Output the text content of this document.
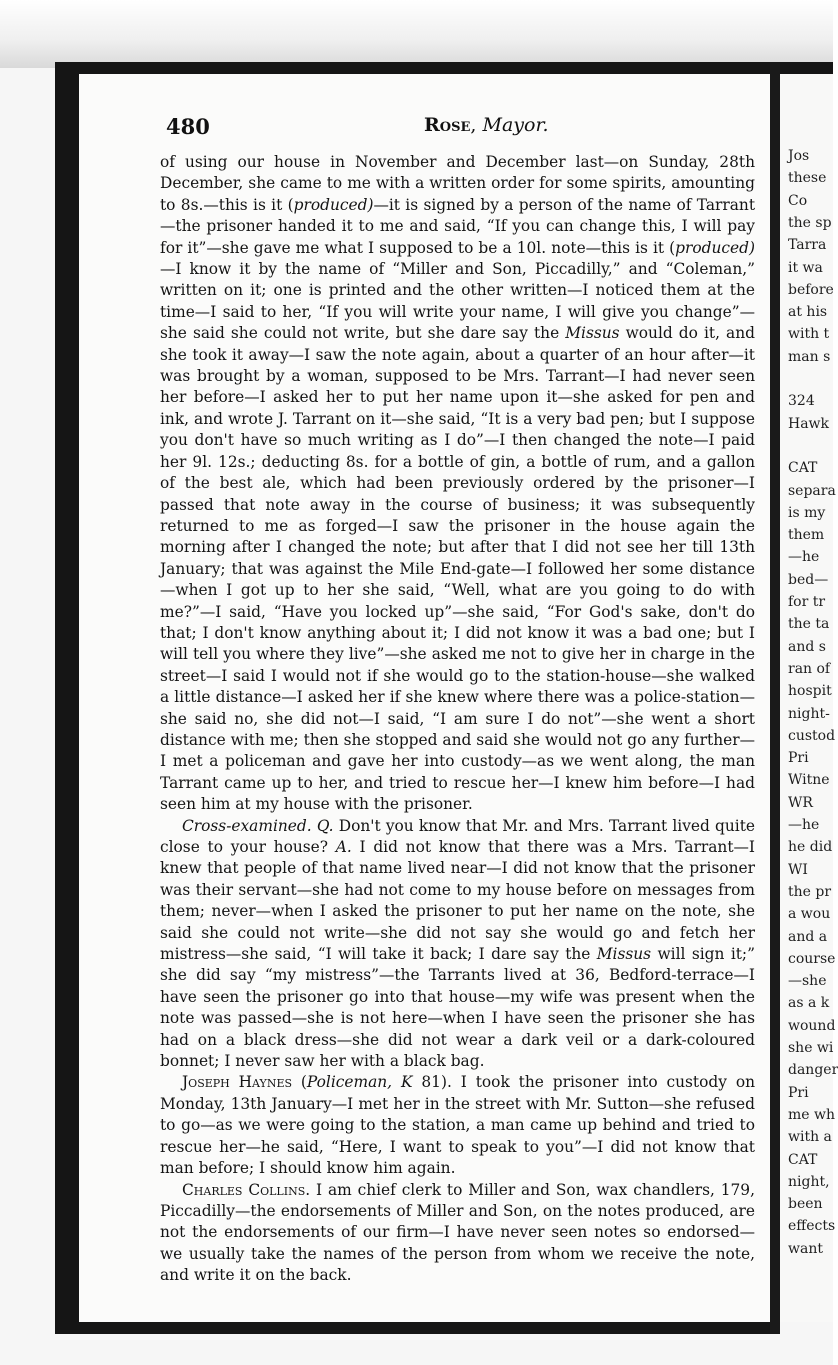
Jos
these
Co
the sp
Tarra
it wa
before
at his
with t
man s
324
Hawk
CAT
separa
is my
them
—he
bed—
for tr
the ta
and s
ran of
hospit
night-
custod
Pri
Witne
WR
—he
he did
WI
the pr
a wou
and a
course
—she
as a k
wound
she wi
danger
Pri
me wh
with a
CAT
night,
been
effects
want
480	Rose, Mayor.

of using our house in November and December last—on Sunday, 28th December, she came to me with a written order for some spirits, amounting to 8s.—this is it (produced)—it is signed by a person of the name of Tarrant—the prisoner handed it to me and said, “If you can change this, I will pay for it”—she gave me what I supposed to be a 10l. note—this is it (produced)—I know it by the name of “Miller and Son, Piccadilly,” and “Coleman,” written on it; one is printed and the other written—I noticed them at the time—I said to her, “If you will write your name, I will give you change”—she said she could not write, but she dare say the Missus would do it, and she took it away—I saw the note again, about a quarter of an hour after—it was brought by a woman, supposed to be Mrs. Tarrant—I had never seen her before—I asked her to put her name upon it—she asked for pen and ink, and wrote J. Tarrant on it—she said, “It is a very bad pen; but I suppose you don't have so much writing as I do”—I then changed the note—I paid her 9l. 12s.; deducting 8s. for a bottle of gin, a bottle of rum, and a gallon of the best ale, which had been previously ordered by the prisoner—I passed that note away in the course of business; it was subsequently returned to me as forged—I saw the prisoner in the house again the morning after I changed the note; but after that I did not see her till 13th January; that was against the Mile End-gate—I followed her some distance—when I got up to her she said, “Well, what are you going to do with me?”—I said, “Have you locked up”—she said, “For God's sake, don't do that; I don't know anything about it; I did not know it was a bad one; but I will tell you where they live”—she asked me not to give her in charge in the street—I said I would not if she would go to the station-house—she walked a little distance—I asked her if she knew where there was a police-station—she said no, she did not—I said, “I am sure I do not”—she went a short distance with me; then she stopped and said she would not go any further—I met a policeman and gave her into custody—as we went along, the man Tarrant came up to her, and tried to rescue her—I knew him before—I had seen him at my house with the prisoner.

Cross-examined. Q. Don't you know that Mr. and Mrs. Tarrant lived quite close to your house? A. I did not know that there was a Mrs. Tarrant—I knew that people of that name lived near—I did not know that the prisoner was their servant—she had not come to my house before on messages from them; never—when I asked the prisoner to put her name on the note, she said she could not write—she did not say she would go and fetch her mistress—she said, “I will take it back; I dare say the Missus will sign it;” she did say “my mistress”—the Tarrants lived at 36, Bedford-terrace—I have seen the prisoner go into that house—my wife was present when the note was passed—she is not here—when I have seen the prisoner she has had on a black dress—she did not wear a dark veil or a dark-coloured bonnet; I never saw her with a black bag.

Joseph Haynes (Policeman, K 81). I took the prisoner into custody on Monday, 13th January—I met her in the street with Mr. Sutton—she refused to go—as we were going to the station, a man came up behind and tried to rescue her—he said, “Here, I want to speak to you”—I did not know that man before; I should know him again.

Charles Collins. I am chief clerk to Miller and Son, wax chandlers, 179, Piccadilly—the endorsements of Miller and Son, on the notes produced, are not the endorsements of our firm—I have never seen notes so endorsed—we usually take the names of the person from whom we receive the note, and write it on the back.
